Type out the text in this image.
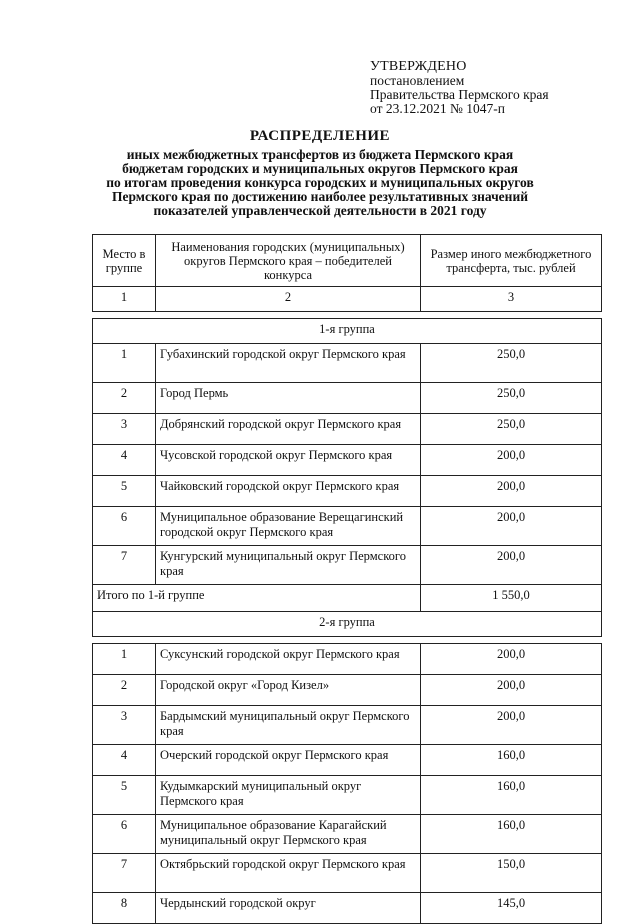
УТВЕРЖДЕНО
постановлением
Правительства Пермского края
от 23.12.2021 № 1047-п
РАСПРЕДЕЛЕНИЕ
иных межбюджетных трансфертов из бюджета Пермского края
бюджетам городских и муниципальных округов Пермского края
по итогам проведения конкурса городских и муниципальных округов
Пермского края по достижению наиболее результативных значений
показателей управленческой деятельности в 2021 году
Место в группе	Наименования городских (муниципальных) округов Пермского края – победителей конкурса	Размер иного межбюджетного трансферта, тыс. рублей
1	2	3

1-я группа		
1	Губахинский городской округ Пермского края	250,0
2	Город Пермь	250,0
3	Добрянский городской округ Пермского края	250,0
4	Чусовской городской округ Пермского края	200,0
5	Чайковский городской округ Пермского края	200,0
6	Муниципальное образование Верещагинский городской округ Пермского края	200,0
7	Кунгурский муниципальный округ Пермского края	200,0
Итого по 1-й группе		1 550,0
2-я группа		

1	Суксунский городской округ Пермского края	200,0
2	Городской округ «Город Кизел»	200,0
3	Бардымский муниципальный округ Пермского края	200,0
4	Очерский городской округ Пермского края	160,0
5	Кудымкарский муниципальный округ Пермского края	160,0
6	Муниципальное образование Карагайский муниципальный округ Пермского края	160,0
7	Октябрьский городской округ Пермского края	150,0
8	Чердынский городской округ	145,0
